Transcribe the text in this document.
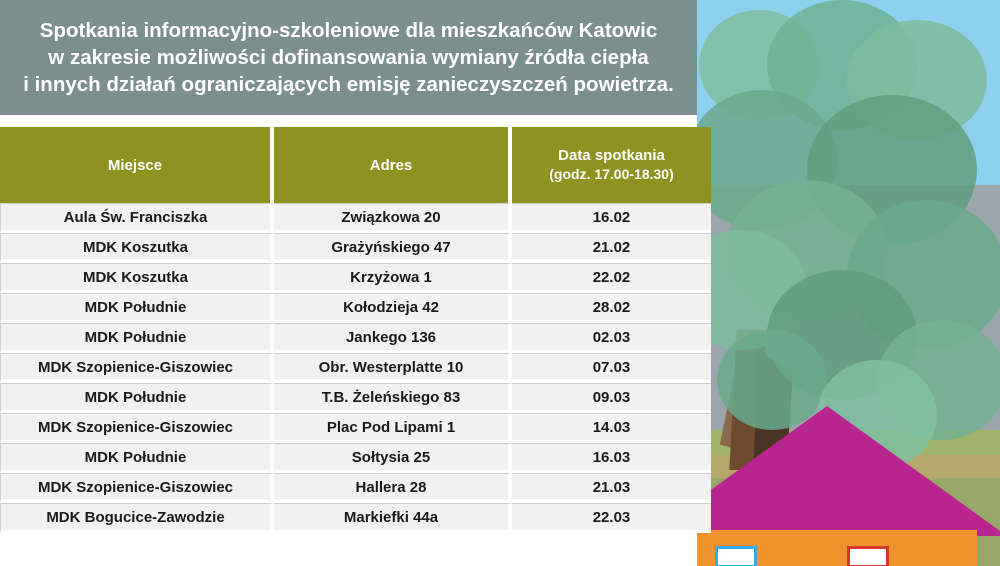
Spotkania informacyjno-szkoleniowe dla mieszkańców Katowic
w zakresie możliwości dofinansowania wymiany źródła ciepła
i innych działań ograniczających emisję zanieczyszczeń powietrza.
Miejsce	Adres	Data spotkania
(godz. 17.00-18.30)

Aula Św. Franciszka	Związkowa 20	16.02
MDK Koszutka	Grażyńskiego 47	21.02
MDK Koszutka	Krzyżowa 1	22.02
MDK Południe	Kołodzieja 42	28.02
MDK Południe	Jankego 136	02.03
MDK Szopienice-Giszowiec	Obr. Westerplatte 10	07.03
MDK Południe	T.B. Żeleńskiego 83	09.03
MDK Szopienice-Giszowiec	Plac Pod Lipami 1	14.03
MDK Południe	Sołtysia 25	16.03
MDK Szopienice-Giszowiec	Hallera 28	21.03
MDK Bogucice-Zawodzie	Markiefki 44a	22.03
